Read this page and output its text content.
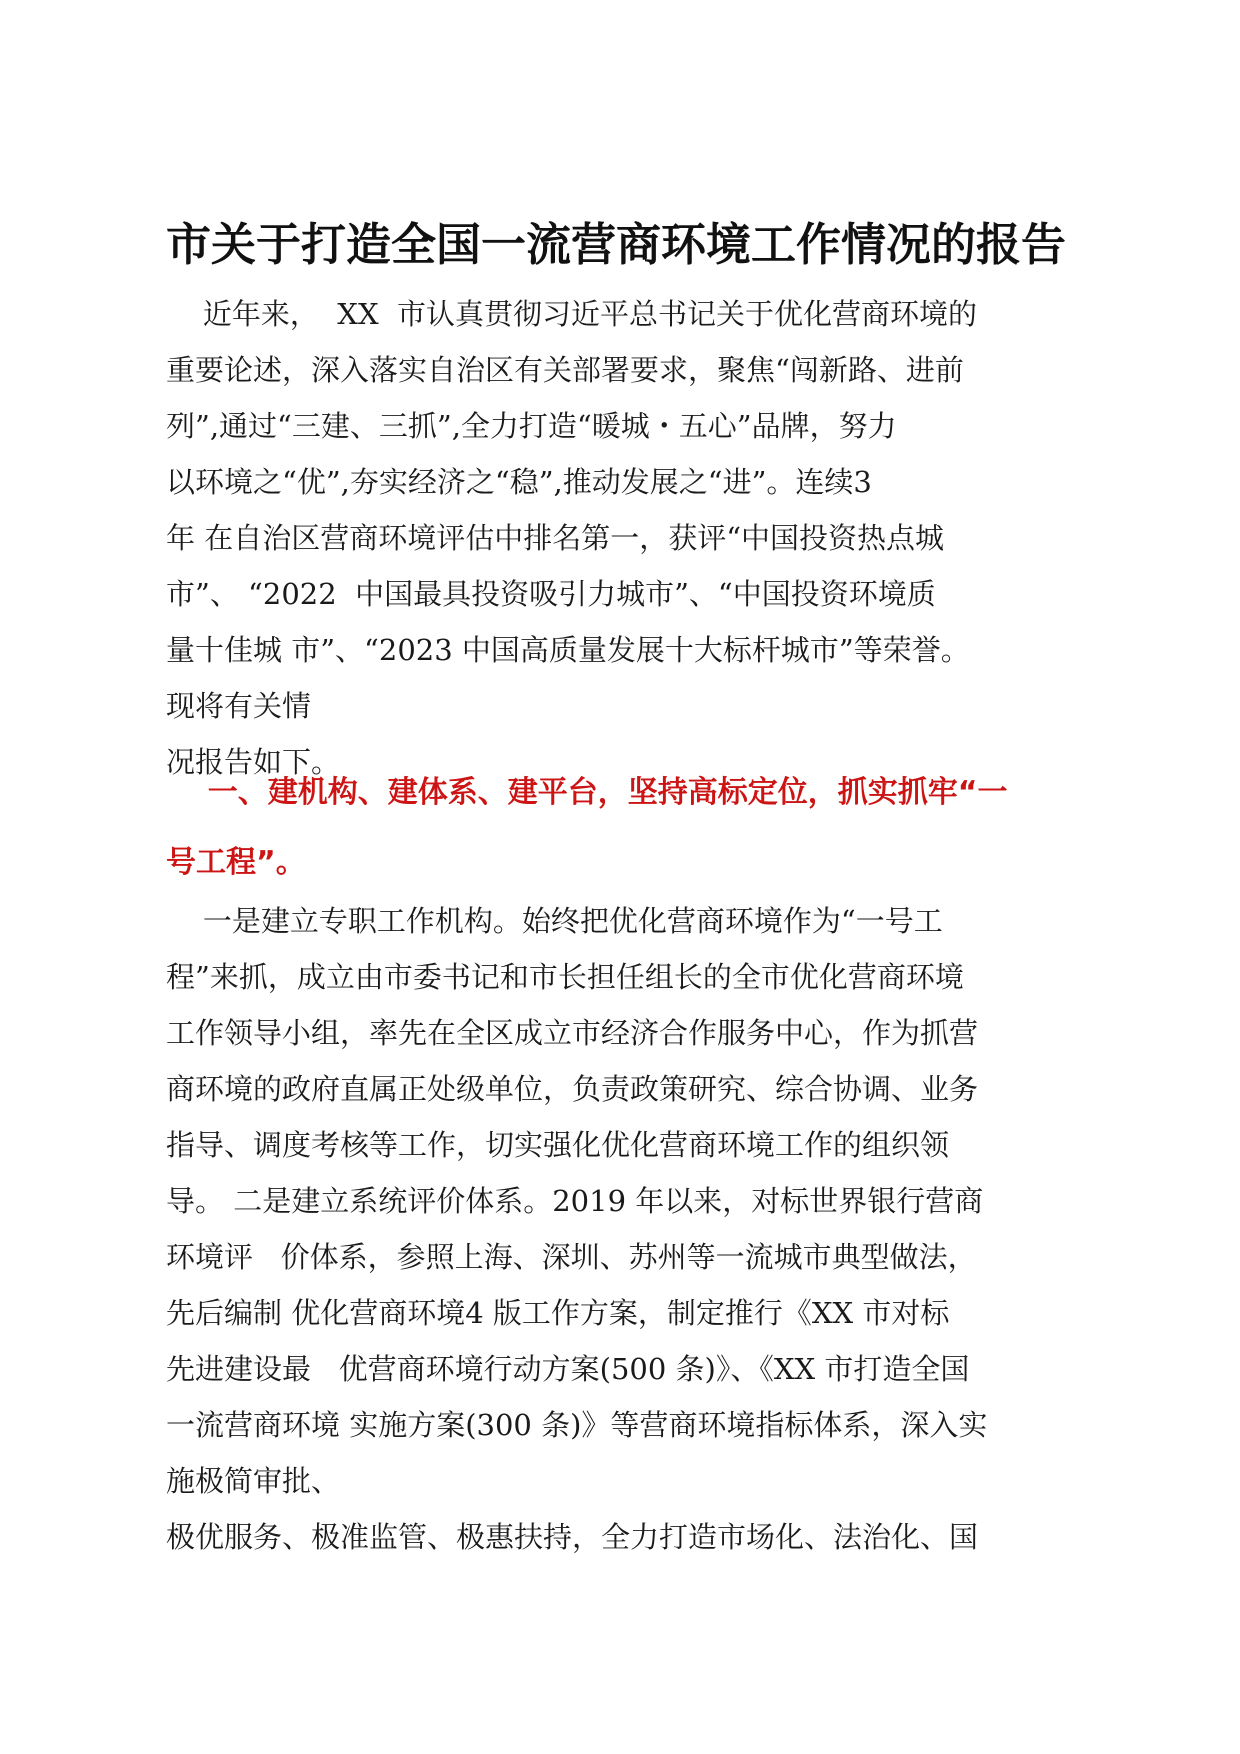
市关于打造全国一流营商环境工作情况的报告
近年来，  XX  市认真贯彻习近平总书记关于优化营商环境的
重要论述，深入落实自治区有关部署要求，聚焦“闯新路、进前
列”,通过“三建、三抓”,全力打造“暖城・五心”品牌，努力
以环境之“优”,夯实经济之“稳”,推动发展之“进”。连续3
年 在自治区营商环境评估中排名第一，获评“中国投资热点城
市”、 “2022  中国最具投资吸引力城市”、“中国投资环境质
量十佳城 市”、“2023 中国高质量发展十大标杆城市”等荣誉。
现将有关情
况报告如下。
一、建机构、建体系、建平台，坚持高标定位，抓实抓牢“一
号工程”。
一是建立专职工作机构。始终把优化营商环境作为“一号工
程”来抓，成立由市委书记和市长担任组长的全市优化营商环境
工作领导小组，率先在全区成立市经济合作服务中心，作为抓营
商环境的政府直属正处级单位，负责政策研究、综合协调、业务
指导、调度考核等工作，切实强化优化营商环境工作的组织领
导。 二是建立系统评价体系。2019 年以来，对标世界银行营商
环境评   价体系，参照上海、深圳、苏州等一流城市典型做法，
先后编制 优化营商环境4 版工作方案，制定推行《XX 市对标
先进建设最   优营商环境行动方案(500 条)》、《XX 市打造全国
一流营商环境 实施方案(300 条)》等营商环境指标体系，深入实
施极简审批、
极优服务、极准监管、极惠扶持，全力打造市场化、法治化、国
